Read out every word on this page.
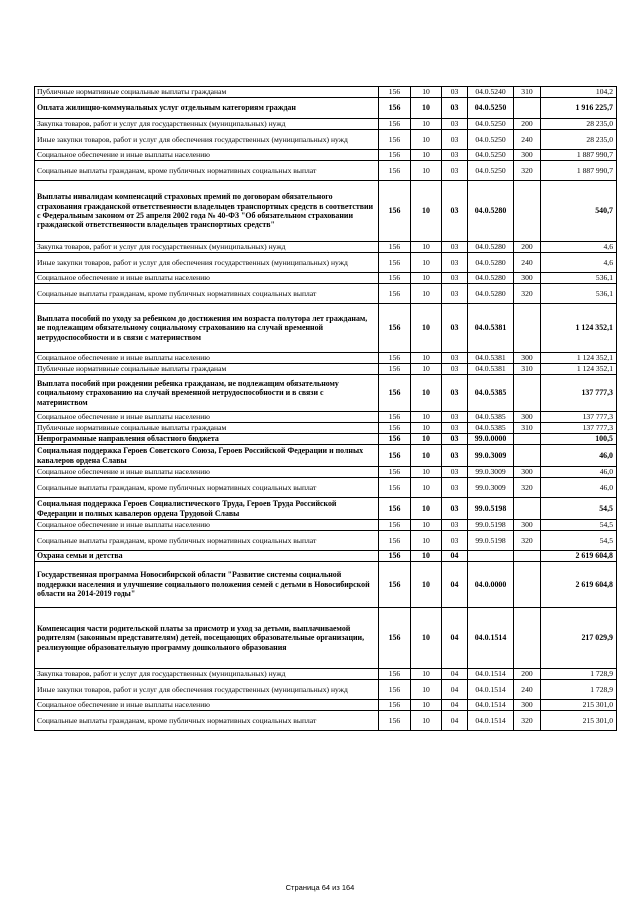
Публичные нормативные социальные выплаты гражданам	156	10	03	04.0.5240	310	104,2
Оплата жилищно-коммунальных услуг отдельным категориям граждан	156	10	03	04.0.5250		1 916 225,7
Закупка товаров, работ и услуг для государственных (муниципальных) нужд	156	10	03	04.0.5250	200	28 235,0
Иные закупки товаров, работ и услуг для обеспечения государственных (муниципальных) нужд	156	10	03	04.0.5250	240	28 235,0
Социальное обеспечение и иные выплаты населению	156	10	03	04.0.5250	300	1 887 990,7
Социальные выплаты гражданам, кроме публичных нормативных социальных выплат	156	10	03	04.0.5250	320	1 887 990,7
Выплаты инвалидам компенсаций страховых премий по договорам обязательного страхования гражданской ответственности владельцев транспортных средств в соответствии с Федеральным законом от 25 апреля 2002 года № 40-ФЗ "Об обязательном страховании гражданской ответственности владельцев транспортных средств"	156	10	03	04.0.5280		540,7
Закупка товаров, работ и услуг для государственных (муниципальных) нужд	156	10	03	04.0.5280	200	4,6
Иные закупки товаров, работ и услуг для обеспечения государственных (муниципальных) нужд	156	10	03	04.0.5280	240	4,6
Социальное обеспечение и иные выплаты населению	156	10	03	04.0.5280	300	536,1
Социальные выплаты гражданам, кроме публичных нормативных социальных выплат	156	10	03	04.0.5280	320	536,1
Выплата пособий по уходу за ребенком до достижения им возраста полутора лет гражданам, не подлежащим обязательному социальному страхованию на случай временной нетрудоспособности и в связи с материнством	156	10	03	04.0.5381		1 124 352,1
Социальное обеспечение и иные выплаты населению	156	10	03	04.0.5381	300	1 124 352,1
Публичные нормативные социальные выплаты гражданам	156	10	03	04.0.5381	310	1 124 352,1
Выплата пособий при рождении ребенка гражданам, не подлежащим обязательному социальному страхованию на случай временной нетрудоспособности и в связи с материнством	156	10	03	04.0.5385		137 777,3
Социальное обеспечение и иные выплаты населению	156	10	03	04.0.5385	300	137 777,3
Публичные нормативные социальные выплаты гражданам	156	10	03	04.0.5385	310	137 777,3
Непрограммные направления областного бюджета	156	10	03	99.0.0000		100,5
Социальная поддержка Героев Советского Союза, Героев Российской Федерации и полных кавалеров ордена Славы	156	10	03	99.0.3009		46,0
Социальное обеспечение и иные выплаты населению	156	10	03	99.0.3009	300	46,0
Социальные выплаты гражданам, кроме публичных нормативных социальных выплат	156	10	03	99.0.3009	320	46,0
Социальная поддержка Героев Социалистического Труда, Героев Труда Российской Федерации и полных кавалеров ордена Трудовой Славы	156	10	03	99.0.5198		54,5
Социальное обеспечение и иные выплаты населению	156	10	03	99.0.5198	300	54,5
Социальные выплаты гражданам, кроме публичных нормативных социальных выплат	156	10	03	99.0.5198	320	54,5
Охрана семьи и детства	156	10	04			2 619 604,8
Государственная программа Новосибирской области "Развитие системы социальной поддержки населения и улучшение социального положения семей с детьми в Новосибирской области на 2014-2019 годы"	156	10	04	04.0.0000		2 619 604,8
Компенсация части родительской платы за присмотр и уход за детьми, выплачиваемой родителям (законным представителям) детей, посещающих образовательные организации, реализующие образовательную программу дошкольного образования	156	10	04	04.0.1514		217 029,9
Закупка товаров, работ и услуг для государственных (муниципальных) нужд	156	10	04	04.0.1514	200	1 728,9
Иные закупки товаров, работ и услуг для обеспечения государственных (муниципальных) нужд	156	10	04	04.0.1514	240	1 728,9
Социальное обеспечение и иные выплаты населению	156	10	04	04.0.1514	300	215 301,0
Социальные выплаты гражданам, кроме публичных нормативных социальных выплат	156	10	04	04.0.1514	320	215 301,0
Страница 64 из 164
